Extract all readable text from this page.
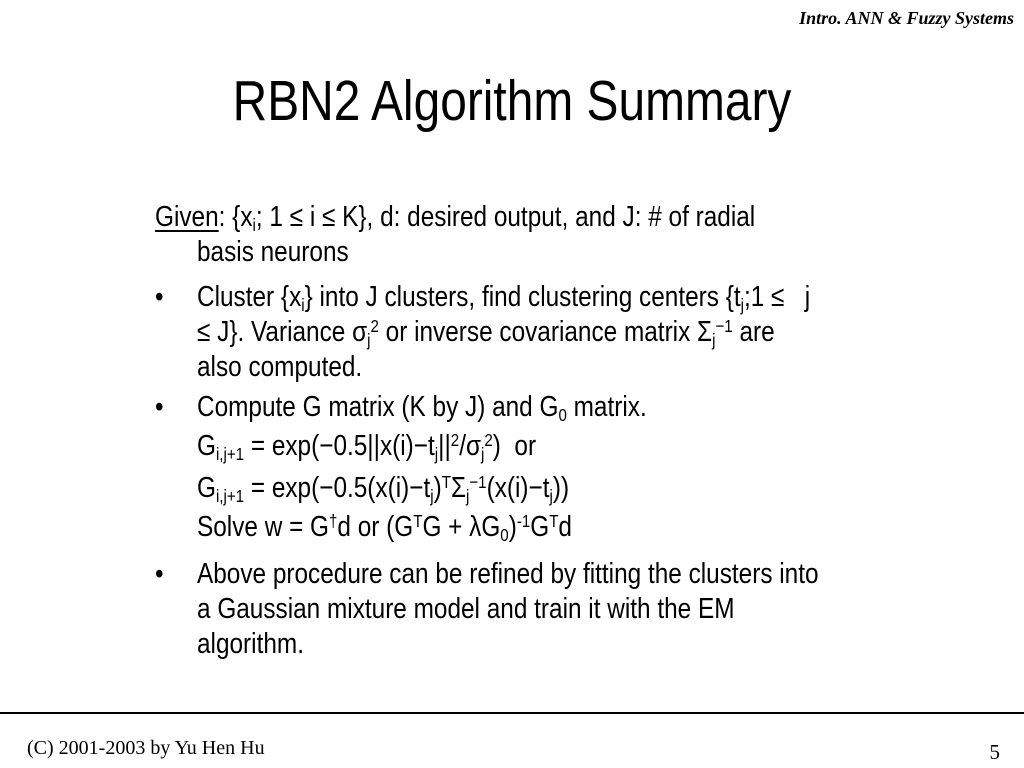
Intro. ANN & Fuzzy Systems
RBN2 Algorithm Summary
Given: {$x_i$; 1 ≤ i ≤ K}, d: desired output, and J: # of radial
basis neurons
• Cluster $\{x_i\}$ into J clusters, find clustering centers {$t_j;1 \le j$
≤ J}. Variance $\sigma_j^2$ or inverse covariance matrix $\Sigma_j^{-1}$ are
also computed.
• Compute G matrix (K by J) and $G_0$ matrix.
$G_{i,j+1} = \exp(-0.5||x(i)-t_j||^2/\sigma_j^2)$  or
$G_{i,j+1} = \exp(-0.5(x(i)-t_j)^T\Sigma_j^{-1}(x(i)-t_j))$
Solve w = G†d or $(G^TG + \lambda G_0)^{-1}G^Td$
• Above procedure can be refined by fitting the clusters into
a Gaussian mixture model and train it with the EM
algorithm.
(C) 2001-2003 by Yu Hen Hu	5
